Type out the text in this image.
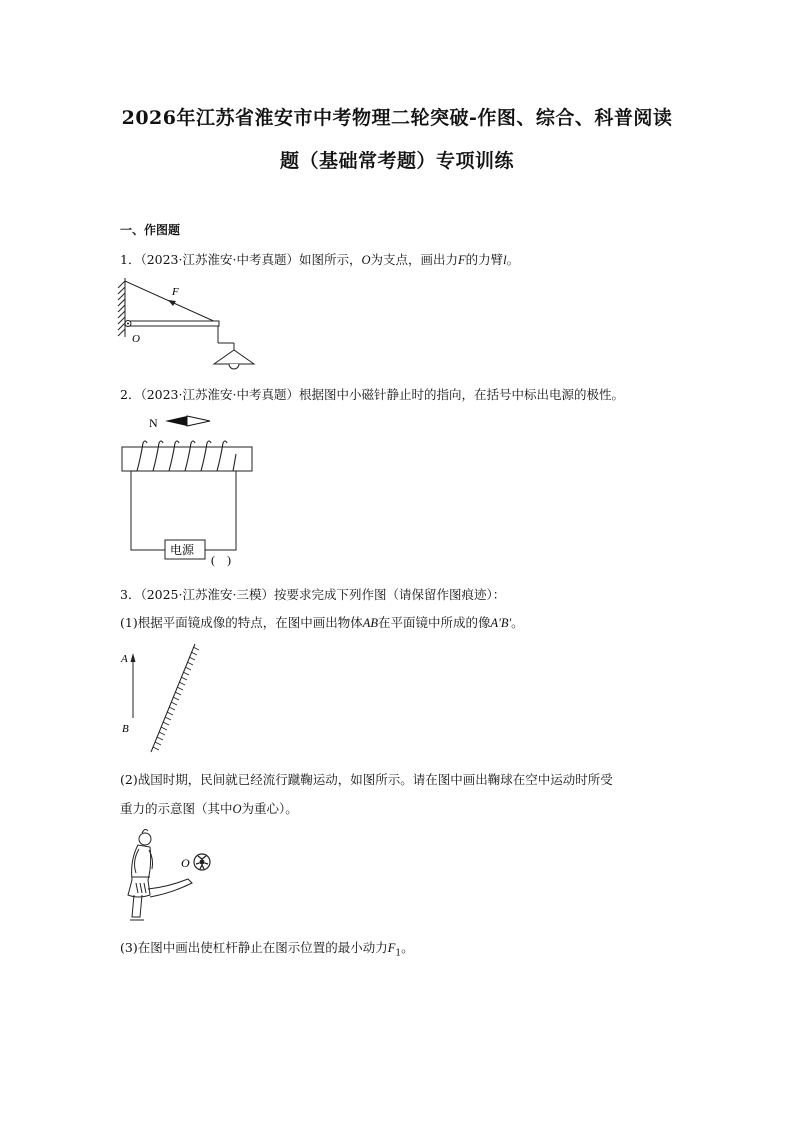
2026年江苏省淮安市中考物理二轮突破-作图、综合、科普阅读
题（基础常考题）专项训练
一、作图题
1．（2023·江苏淮安·中考真题）如图所示，O为支点，画出力F的力臂l。
F
O
2．（2023·江苏淮安·中考真题）根据图中小磁针静止时的指向，在括号中标出电源的极性。
N
电源
(    )
3．（2025·江苏淮安·三模）按要求完成下列作图（请保留作图痕迹）：
(1)根据平面镜成像的特点，在图中画出物体AB在平面镜中所成的像A'B'。
A
B
(2)战国时期，民间就已经流行蹴鞠运动，如图所示。请在图中画出鞠球在空中运动时所受
重力的示意图（其中O为重心）。
O
(3)在图中画出使杠杆静止在图示位置的最小动力$F_1$。
